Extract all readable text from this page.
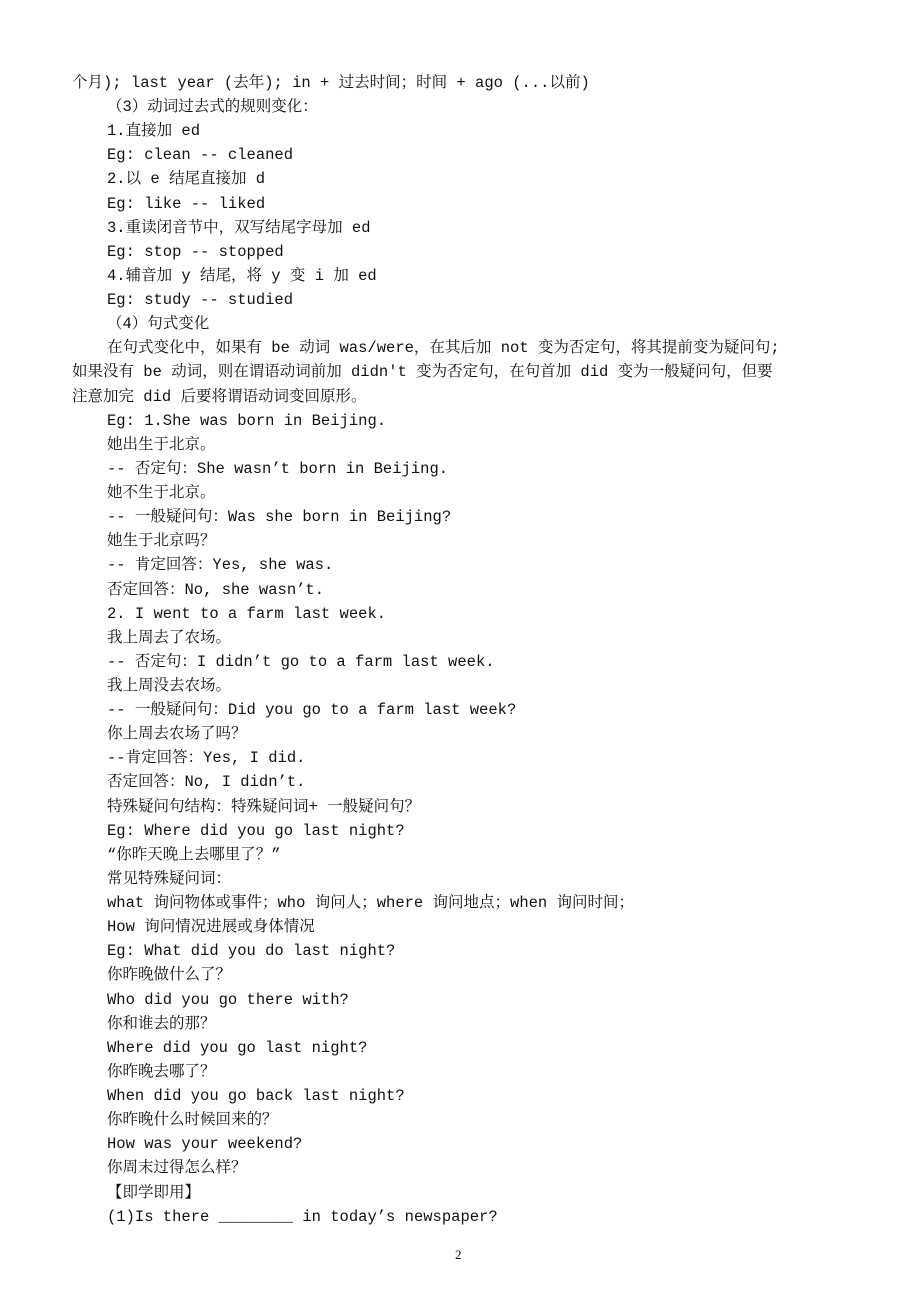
个月); last year (去年); in + 过去时间；时间 + ago (...以前)
（3）动词过去式的规则变化：
1.直接加 ed
Eg: clean -- cleaned
2.以 e 结尾直接加 d
Eg: like -- liked
3.重读闭音节中，双写结尾字母加 ed
Eg: stop -- stopped
4.辅音加 y 结尾，将 y 变 i 加 ed
Eg: study -- studied
（4）句式变化
在句式变化中，如果有 be 动词 was/were，在其后加 not 变为否定句，将其提前变为疑问句;
如果没有 be 动词，则在谓语动词前加 didn't 变为否定句，在句首加 did 变为一般疑问句，但要
注意加完 did 后要将谓语动词变回原形。
Eg: 1.She was born in Beijing.
她出生于北京。
-- 否定句：She wasn’t born in Beijing.
她不生于北京。
-- 一般疑问句：Was she born in Beijing?
她生于北京吗？
-- 肯定回答：Yes, she was.
否定回答：No, she wasn’t.
2. I went to a farm last week.
我上周去了农场。
-- 否定句：I didn’t go to a farm last week.
我上周没去农场。
-- 一般疑问句：Did you go to a farm last week?
你上周去农场了吗？
--肯定回答：Yes, I did.
否定回答：No, I didn’t.
特殊疑问句结构：特殊疑问词+ 一般疑问句？
Eg: Where did you go last night?
“你昨天晚上去哪里了？”
常见特殊疑问词：
what 询问物体或事件；who 询问人；where 询问地点；when 询问时间；
How 询问情况进展或身体情况
Eg: What did you do last night?
你昨晚做什么了？
Who did you go there with?
你和谁去的那？
Where did you go last night?
你昨晚去哪了？
When did you go back last night?
你昨晚什么时候回来的？
How was your weekend?
你周末过得怎么样？
【即学即用】
(1)Is there ________ in today’s newspaper?
2
